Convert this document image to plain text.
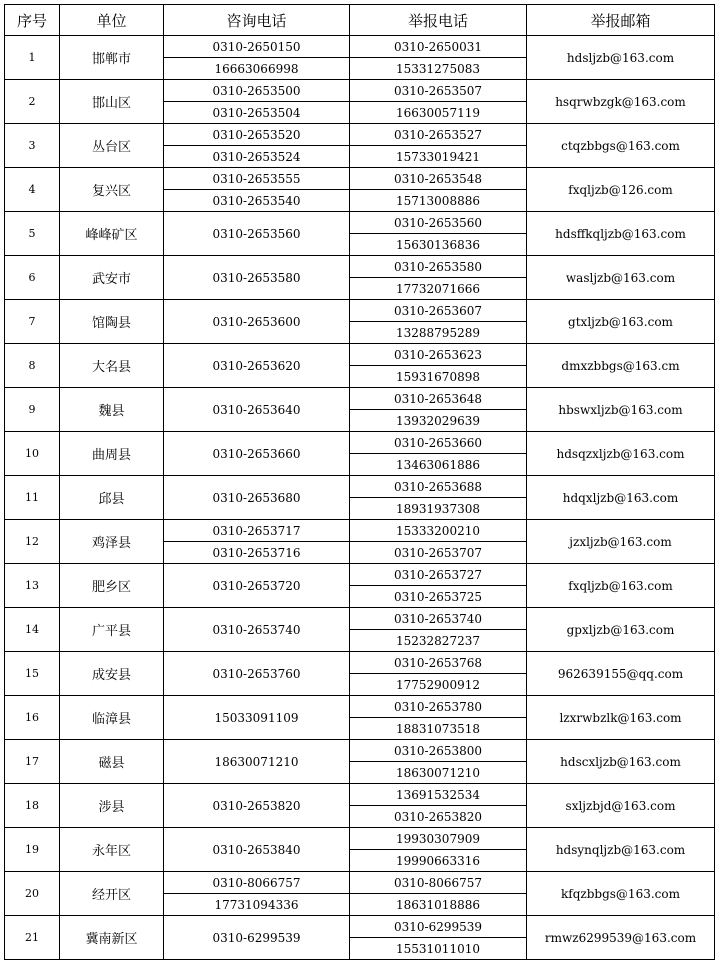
序号	单位	咨询电话	举报电话	举报邮箱
1	邯郸市	0310-2650150	0310-2650031	hdsljzb@163.com
		16663066998	15331275083	
2	邯山区	0310-2653500	0310-2653507	hsqrwbzgk@163.com
		0310-2653504	16630057119	
3	丛台区	0310-2653520	0310-2653527	ctqzbbgs@163.com
		0310-2653524	15733019421	
4	复兴区	0310-2653555	0310-2653548	fxqljzb@126.com
		0310-2653540	15713008886	
5	峰峰矿区	0310-2653560	0310-2653560	hdsffkqljzb@163.com
			15630136836	
6	武安市	0310-2653580	0310-2653580	wasljzb@163.com
			17732071666	
7	馆陶县	0310-2653600	0310-2653607	gtxljzb@163.com
			13288795289	
8	大名县	0310-2653620	0310-2653623	dmxzbbgs@163.cm
			15931670898	
9	魏县	0310-2653640	0310-2653648	hbswxljzb@163.com
			13932029639	
10	曲周县	0310-2653660	0310-2653660	hdsqzxljzb@163.com
			13463061886	
11	邱县	0310-2653680	0310-2653688	hdqxljzb@163.com
			18931937308	
12	鸡泽县	0310-2653717	15333200210	jzxljzb@163.com
		0310-2653716	0310-2653707	
13	肥乡区	0310-2653720	0310-2653727	fxqljzb@163.com
			0310-2653725	
14	广平县	0310-2653740	0310-2653740	gpxljzb@163.com
			15232827237	
15	成安县	0310-2653760	0310-2653768	962639155@qq.com
			17752900912	
16	临漳县	15033091109	0310-2653780	lzxrwbzlk@163.com
			18831073518	
17	磁县	18630071210	0310-2653800	hdscxljzb@163.com
			18630071210	
18	涉县	0310-2653820	13691532534	sxljzbjd@163.com
			0310-2653820	
19	永年区	0310-2653840	19930307909	hdsynqljzb@163.com
			19990663316	
20	经开区	0310-8066757	0310-8066757	kfqzbbgs@163.com
		17731094336	18631018886	
21	冀南新区	0310-6299539	0310-6299539	rmwz6299539@163.com
			15531011010	
